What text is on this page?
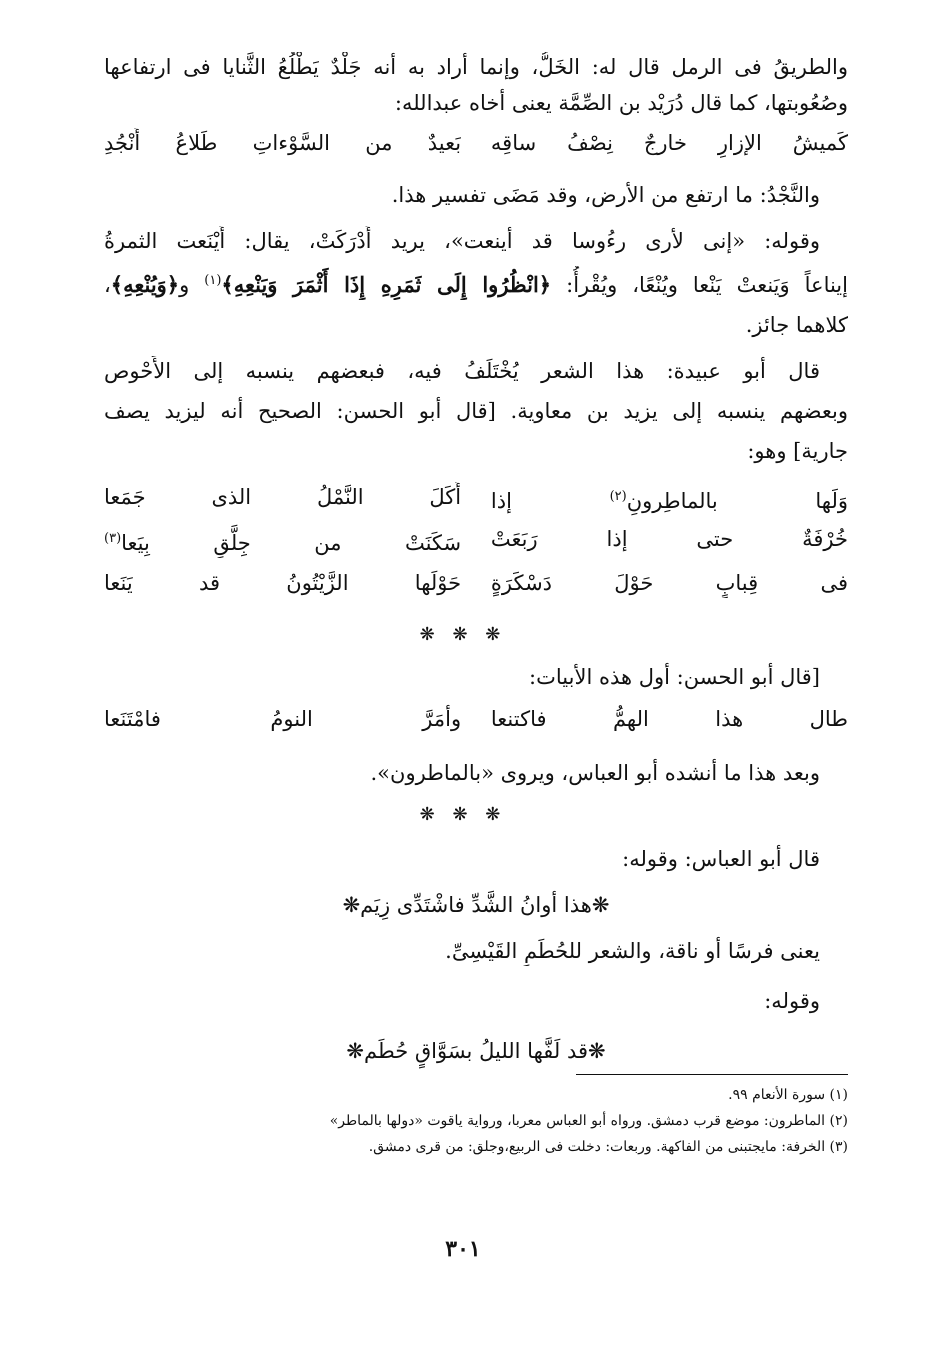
والطريقُ فى الرمل قال له: الخَلُّ، وإنما أراد به أنه جَلْدٌ يَطْلُعُ الثَّنايا فى ارتفاعها
وصُعُوبتها، كما قال دُرَيْد بن الصِّمَّة يعنى أخاه عبدالله:
كَميشُ الإزارِ خارجٌ نِصْفُ ساقِه
بَعيدٌ من السَّوْءاتِ طَلاعُ أَنْجُدِ
والنَّجْدُ: ما ارتفع من الأرض، وقد مَضَى تفسير هذا.
وقوله: «إنى لأرى رءُوسا قد أينعت»، يريد أَدْرَكَتْ، يقال: أَيْنَعت الثمرةُ
إيناعاً وَيَنعتْ يَنْعا ويُنْعًا، ويُقْرأُ: ﴿انْظُرُوا إِلَى ثَمَرِهِ إِذَا أَثْمَرَ وَيَنْعِهِ﴾$^{(١)}$ و﴿وَيُنْعِهِ﴾،
كلاهما جائز.
قال أبو عبيدة: هذا الشعر يُخْتَلَفُ فيه، فبعضهم ينسبه إلى الأَحْوص
وبعضهم ينسبه إلى يزيد بن معاوية. [قال أبو الحسن: الصحيح أنه ليزيد يصف
جارية] وهو:
وَلَها بالماطِرونِ$^{(٢)}$ إذا
أَكَلَ النَّمْلُ الذى جَمَعا
خُرْفَةٌ حتى إذا رَبَعَتْ
سَكَنَتْ من جِلَّقٍ بِيَعا$^{(٣)}$
فى قِبابٍ حَوْلَ دَسْكَرَةٍ
حَوْلَها الزَّيْتُونُ قد يَنَعا
❋ ❋ ❋
[قال أبو الحسن: أول هذه الأبيات:
طال هذا الهمُّ فاكتنعا
وأمَرَّ النومُ فامْتَنَعا
وبعد هذا ما أنشده أبو العباس، ويروى «بالماطرون».
❋ ❋ ❋
قال أبو العباس: وقوله:
❋هذا أوانُ الشَّدِّ فاشْتَدِّى زِيَم❋
يعنى فرسًا أو ناقة، والشعر للحُطَمِ القَيْسِىِّ.
وقوله:
❋قد لَفَّها الليلُ بسَوَّاقٍ حُطَم❋
(١) سورة الأنعام ٩٩.
(٢) الماطرون: موضع قرب دمشق. ورواه أبو العباس معربا، ورواية ياقوت «دولها بالماطر»
(٣) الخرفة: مايجتبنى من الفاكهة. وربعات: دخلت فى الربيع،وجلق: من قرى دمشق.
٣٠١
